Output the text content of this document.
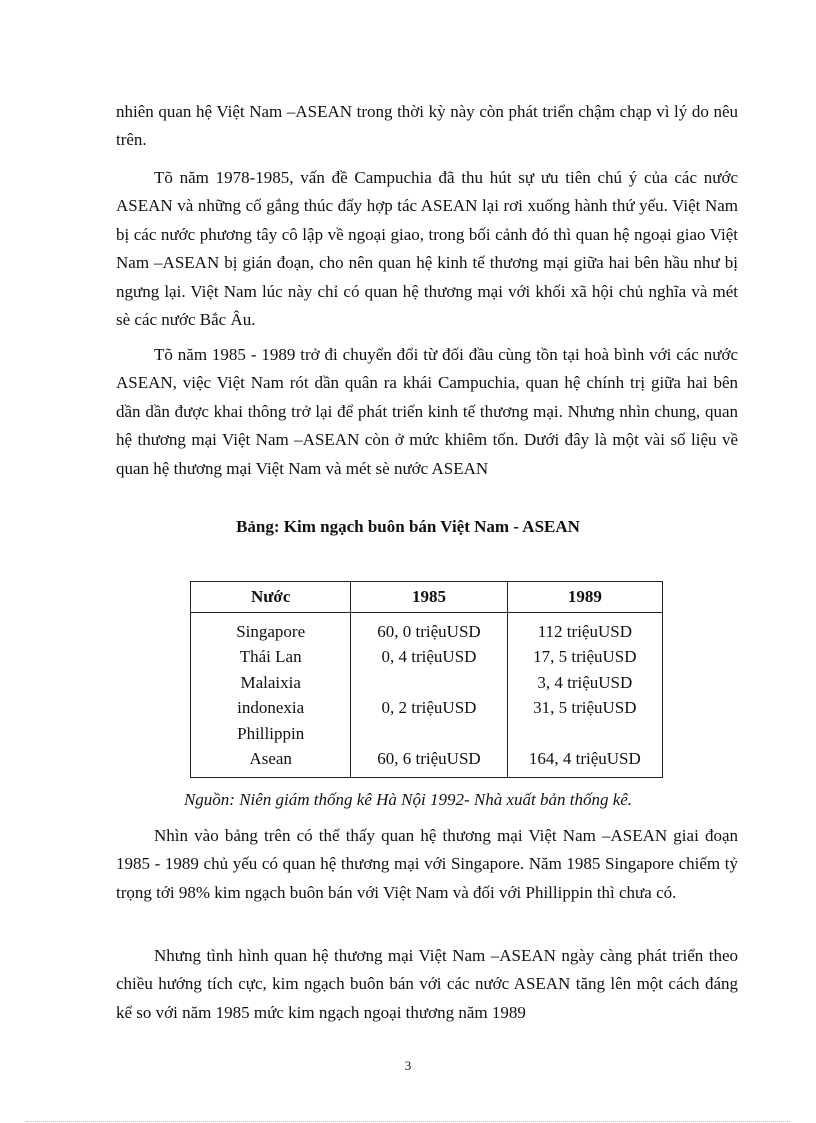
nhiên quan hệ Việt Nam –ASEAN trong thời kỳ này còn phát triển chậm chạp vì lý do nêu trên.

Tõ năm 1978-1985, vấn đề Campuchia đã thu hút sự ưu tiên chú ý của các nước ASEAN và những cố gắng thúc đẩy hợp tác ASEAN lại rơi xuống hành thứ yếu. Việt Nam bị các nước phương tây cô lập về ngoại giao, trong bối cảnh đó thì quan hệ ngoại giao Việt Nam –ASEAN bị gián đoạn, cho nên quan hệ kinh tế thương mại giữa hai bên hầu như bị ngưng lại. Việt Nam lúc này chỉ có quan hệ thương mại với khối xã hội chủ nghĩa và mét sè các nước Bắc Âu.

Tõ năm 1985 - 1989 trở đi chuyển đổi từ đối đầu cùng tồn tại hoà bình với các nước ASEAN, việc Việt Nam rót dần quân ra khái Campuchia, quan hệ chính trị giữa hai bên dần dần được khai thông trở lại để phát triển kinh tế thương mại. Nhưng nhìn chung, quan hệ thương mại Việt Nam –ASEAN còn ở mức khiêm tốn. Dưới đây là một vài số liệu về quan hệ thương mại Việt Nam và mét sè nước ASEAN

Bảng: Kim ngạch buôn bán Việt Nam - ASEAN
Nước	1985	1989
Singapore	60, 0 triệuUSD	112 triệuUSD
Thái Lan	0, 4 triệuUSD	17, 5 triệuUSD
Malaixia		3, 4 triệuUSD
indonexia	0, 2 triệuUSD	31, 5 triệuUSD
Phillippin		
Asean	60, 6 triệuUSD	164, 4 triệuUSD
Nguồn: Niên giám thống kê Hà Nội 1992- Nhà xuất bản thống kê.

Nhìn vào bảng trên có thể thấy quan hệ thương mại Việt Nam –ASEAN giai đoạn 1985 - 1989 chủ yếu có quan hệ thương mại với Singapore. Năm 1985 Singapore chiếm tỷ trọng tới 98% kim ngạch buôn bán với Việt Nam và đối với Phillippin thì chưa có.

Nhưng tình hình quan hệ thương mại Việt Nam –ASEAN ngày càng phát triển theo chiều hướng tích cực, kim ngạch buôn bán với các nước ASEAN tăng lên một cách đáng kể so với năm 1985 mức kim ngạch ngoại thương năm 1989

3
